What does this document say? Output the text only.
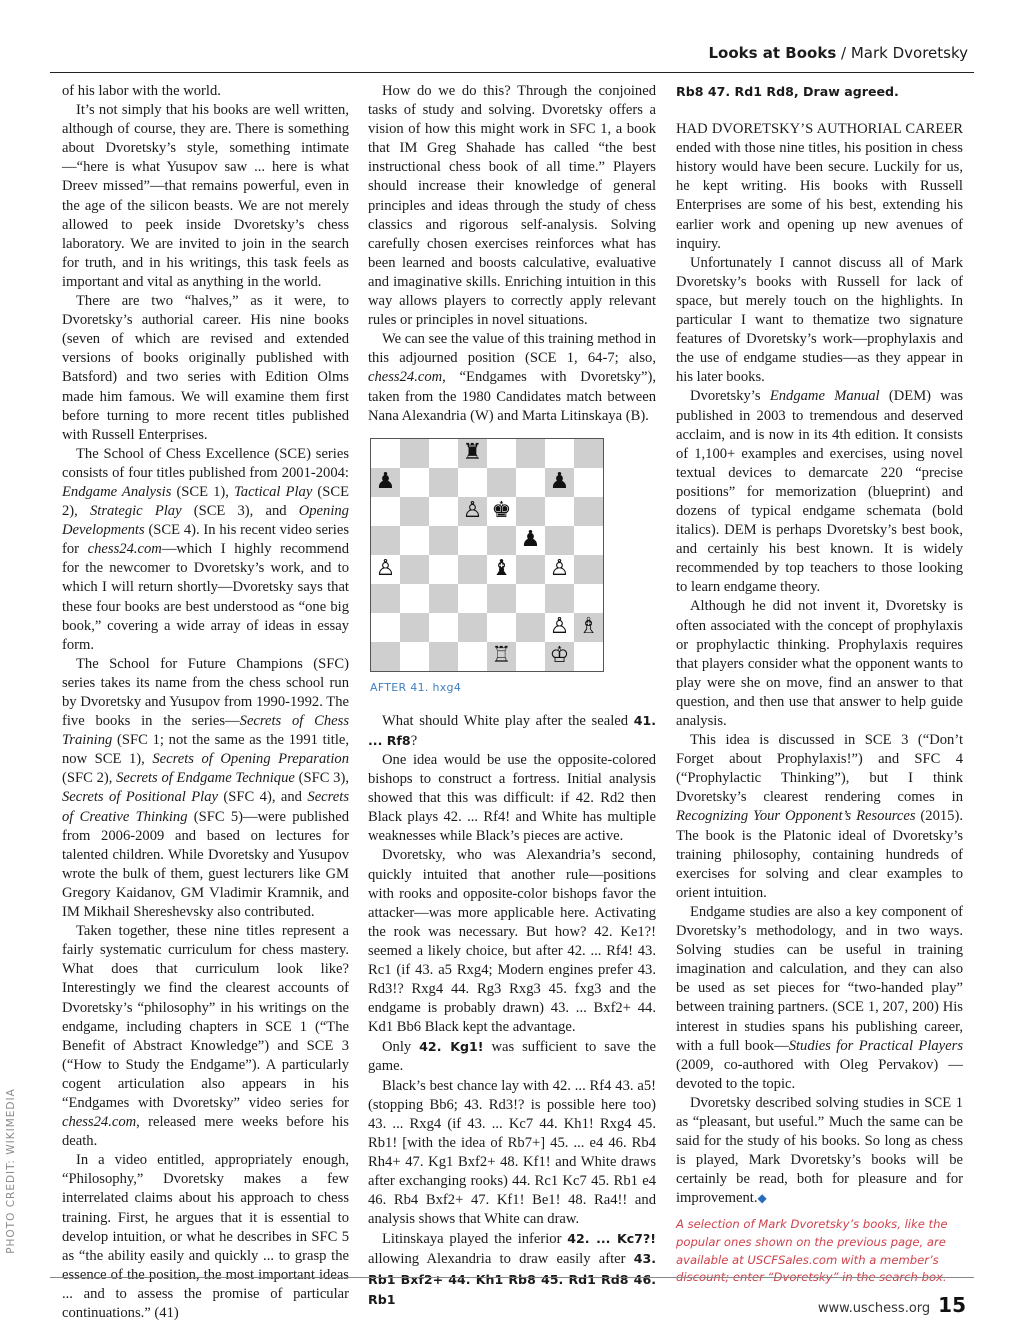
Looks at Books / Mark Dvoretsky

of his labor with the world.

It’s not simply that his books are well written, although of course, they are. There is something about Dvoretsky’s style, something intimate—“here is what Yusupov saw ... here is what Dreev missed”—that remains powerful, even in the age of the silicon beasts. We are not merely allowed to peek inside Dvoretsky’s chess laboratory. We are invited to join in the search for truth, and in his writings, this task feels as important and vital as anything in the world.

There are two “halves,” as it were, to Dvoretsky’s authorial career. His nine books (seven of which are revised and extended versions of books originally published with Batsford) and two series with Edition Olms made him famous. We will examine them first before turning to more recent titles published with Russell Enterprises.

The School of Chess Excellence (SCE) series consists of four titles published from 2001-2004: Endgame Analysis (SCE 1), Tactical Play (SCE 2), Strategic Play (SCE 3), and Opening Developments (SCE 4). In his recent video series for chess24.com—which I highly recommend for the newcomer to Dvoretsky’s work, and to which I will return shortly—Dvoretsky says that these four books are best understood as “one big book,” covering a wide array of ideas in essay form.

The School for Future Champions (SFC) series takes its name from the chess school run by Dvoretsky and Yusupov from 1990-1992. The five books in the series—Secrets of Chess Training (SFC 1; not the same as the 1991 title, now SCE 1), Secrets of Opening Preparation (SFC 2), Secrets of Endgame Technique (SFC 3), Secrets of Positional Play (SFC 4), and Secrets of Creative Thinking (SFC 5)—were published from 2006-2009 and based on lectures for talented children. While Dvoretsky and Yusupov wrote the bulk of them, guest lecturers like GM Gregory Kaidanov, GM Vladimir Kramnik, and IM Mikhail Shereshevsky also contributed.

Taken together, these nine titles represent a fairly systematic curriculum for chess mastery. What does that curriculum look like? Interestingly we find the clearest accounts of Dvoretsky’s “philosophy” in his writings on the endgame, including chapters in SCE 1 (“The Benefit of Abstract Knowledge”) and SCE 3 (“How to Study the Endgame”). A particularly cogent articulation also appears in his “Endgames with Dvoretsky” video series for chess24.com, released mere weeks before his death.

In a video entitled, appropriately enough, “Philosophy,” Dvoretsky makes a few interrelated claims about his approach to chess training. First, he argues that it is essential to develop intuition, or what he describes in SFC 5 as “the ability easily and quickly ... to grasp the essence of the position, the most important ideas ... and to assess the promise of particular continuations.” (41)

How do we do this? Through the conjoined tasks of study and solving. Dvoretsky offers a vision of how this might work in SFC 1, a book that IM Greg Shahade has called “the best instructional chess book of all time.” Players should increase their knowledge of general principles and ideas through the study of chess classics and rigorous self-analysis. Solving carefully chosen exercises reinforces what has been learned and boosts calculative, evaluative and imaginative skills. Enriching intuition in this way allows players to correctly apply relevant rules or principles in novel situations.

We can see the value of this training method in this adjourned position (SCE 1, 64-7; also, chess24.com, “Endgames with Dvoretsky”), taken from the 1980 Candidates match between Nana Alexandria (W) and Marta Litinskaya (B).

♜
♟	♟
♙ ♚
♟
♙	♝ ♙
♙ ♗
♖ ♔
AFTER 41. hxg4

What should White play after the sealed 41. ... Rf8?

One idea would be use the opposite-colored bishops to construct a fortress. Initial analysis showed that this was difficult: if 42. Rd2 then Black plays 42. ... Rf4! and White has multiple weaknesses while Black’s pieces are active.

Dvoretsky, who was Alexandria’s second, quickly intuited that another rule—positions with rooks and opposite-color bishops favor the attacker—was more applicable here. Activating the rook was necessary. But how? 42. Ke1?! seemed a likely choice, but after 42. ... Rf4! 43. Rc1 (if 43. a5 Rxg4; Modern engines prefer 43. Rd3!? Rxg4 44. Rg3 Rxg3 45. fxg3 and the endgame is probably drawn) 43. ... Bxf2+ 44. Kd1 Bb6 Black kept the advantage.

Only 42. Kg1! was sufficient to save the game.

Black’s best chance lay with 42. ... Rf4 43. a5! (stopping Bb6; 43. Rd3!? is possible here too) 43. ... Rxg4 (if 43. ... Kc7 44. Kh1! Rxg4 45. Rb1! [with the idea of Rb7+] 45. ... e4 46. Rb4 Rh4+ 47. Kg1 Bxf2+ 48. Kf1! and White draws after exchanging rooks) 44. Rc1 Kc7 45. Rb1 e4 46. Rb4 Bxf2+ 47. Kf1! Be1! 48. Ra4!! and analysis shows that White can draw.

Litinskaya played the inferior 42. ... Kc7?! allowing Alexandria to draw easily after 43. Rb1 Bxf2+ 44. Kh1 Rb8 45. Rd1 Rd8 46. Rb1

Rb8 47. Rd1 Rd8, Draw agreed.

HAD DVORETSKY’S AUTHORIAL CAREER ended with those nine titles, his position in chess history would have been secure. Luckily for us, he kept writing. His books with Russell Enterprises are some of his best, extending his earlier work and opening up new avenues of inquiry.

Unfortunately I cannot discuss all of Mark Dvoretsky’s books with Russell for lack of space, but merely touch on the highlights. In particular I want to thematize two signature features of Dvoretsky’s work—prophylaxis and the use of endgame studies—as they appear in his later books.

Dvoretsky’s Endgame Manual (DEM) was published in 2003 to tremendous and deserved acclaim, and is now in its 4th edition. It consists of 1,100+ examples and exercises, using novel textual devices to demarcate 220 “precise positions” for memorization (blueprint) and dozens of typical endgame schemata (bold italics). DEM is perhaps Dvoretsky’s best book, and certainly his best known. It is widely recommended by top teachers to those looking to learn endgame theory.

Although he did not invent it, Dvoretsky is often associated with the concept of prophylaxis or prophylactic thinking. Prophylaxis requires that players consider what the opponent wants to play were she on move, find an answer to that question, and then use that answer to help guide analysis.

This idea is discussed in SCE 3 (“Don’t Forget about Prophylaxis!”) and SFC 4 (“Prophylactic Thinking”), but I think Dvoretsky’s clearest rendering comes in Recognizing Your Opponent’s Resources (2015). The book is the Platonic ideal of Dvoretsky’s training philosophy, containing hundreds of exercises for solving and clear examples to orient intuition.

Endgame studies are also a key component of Dvoretsky’s methodology, and in two ways. Solving studies can be useful in training imagination and calculation, and they can also be used as set pieces for “two-handed play” between training partners. (SCE 1, 207, 200) His interest in studies spans his publishing career, with a full book—Studies for Practical Players (2009, co-authored with Oleg Pervakov) —devoted to the topic.

Dvoretsky described solving studies in SCE 1 as “pleasant, but useful.” Much the same can be said for the study of his books. So long as chess is played, Mark Dvoretsky’s books will be certainly be read, both for pleasure and for improvement.◆

A selection of Mark Dvoretsky’s books, like the popular ones shown on the previous page, are available at USCFSales.com with a member’s discount; enter “Dvoretsky” in the search box.
PHOTO CREDIT: WIKIMEDIA
www.uschess.org 15
